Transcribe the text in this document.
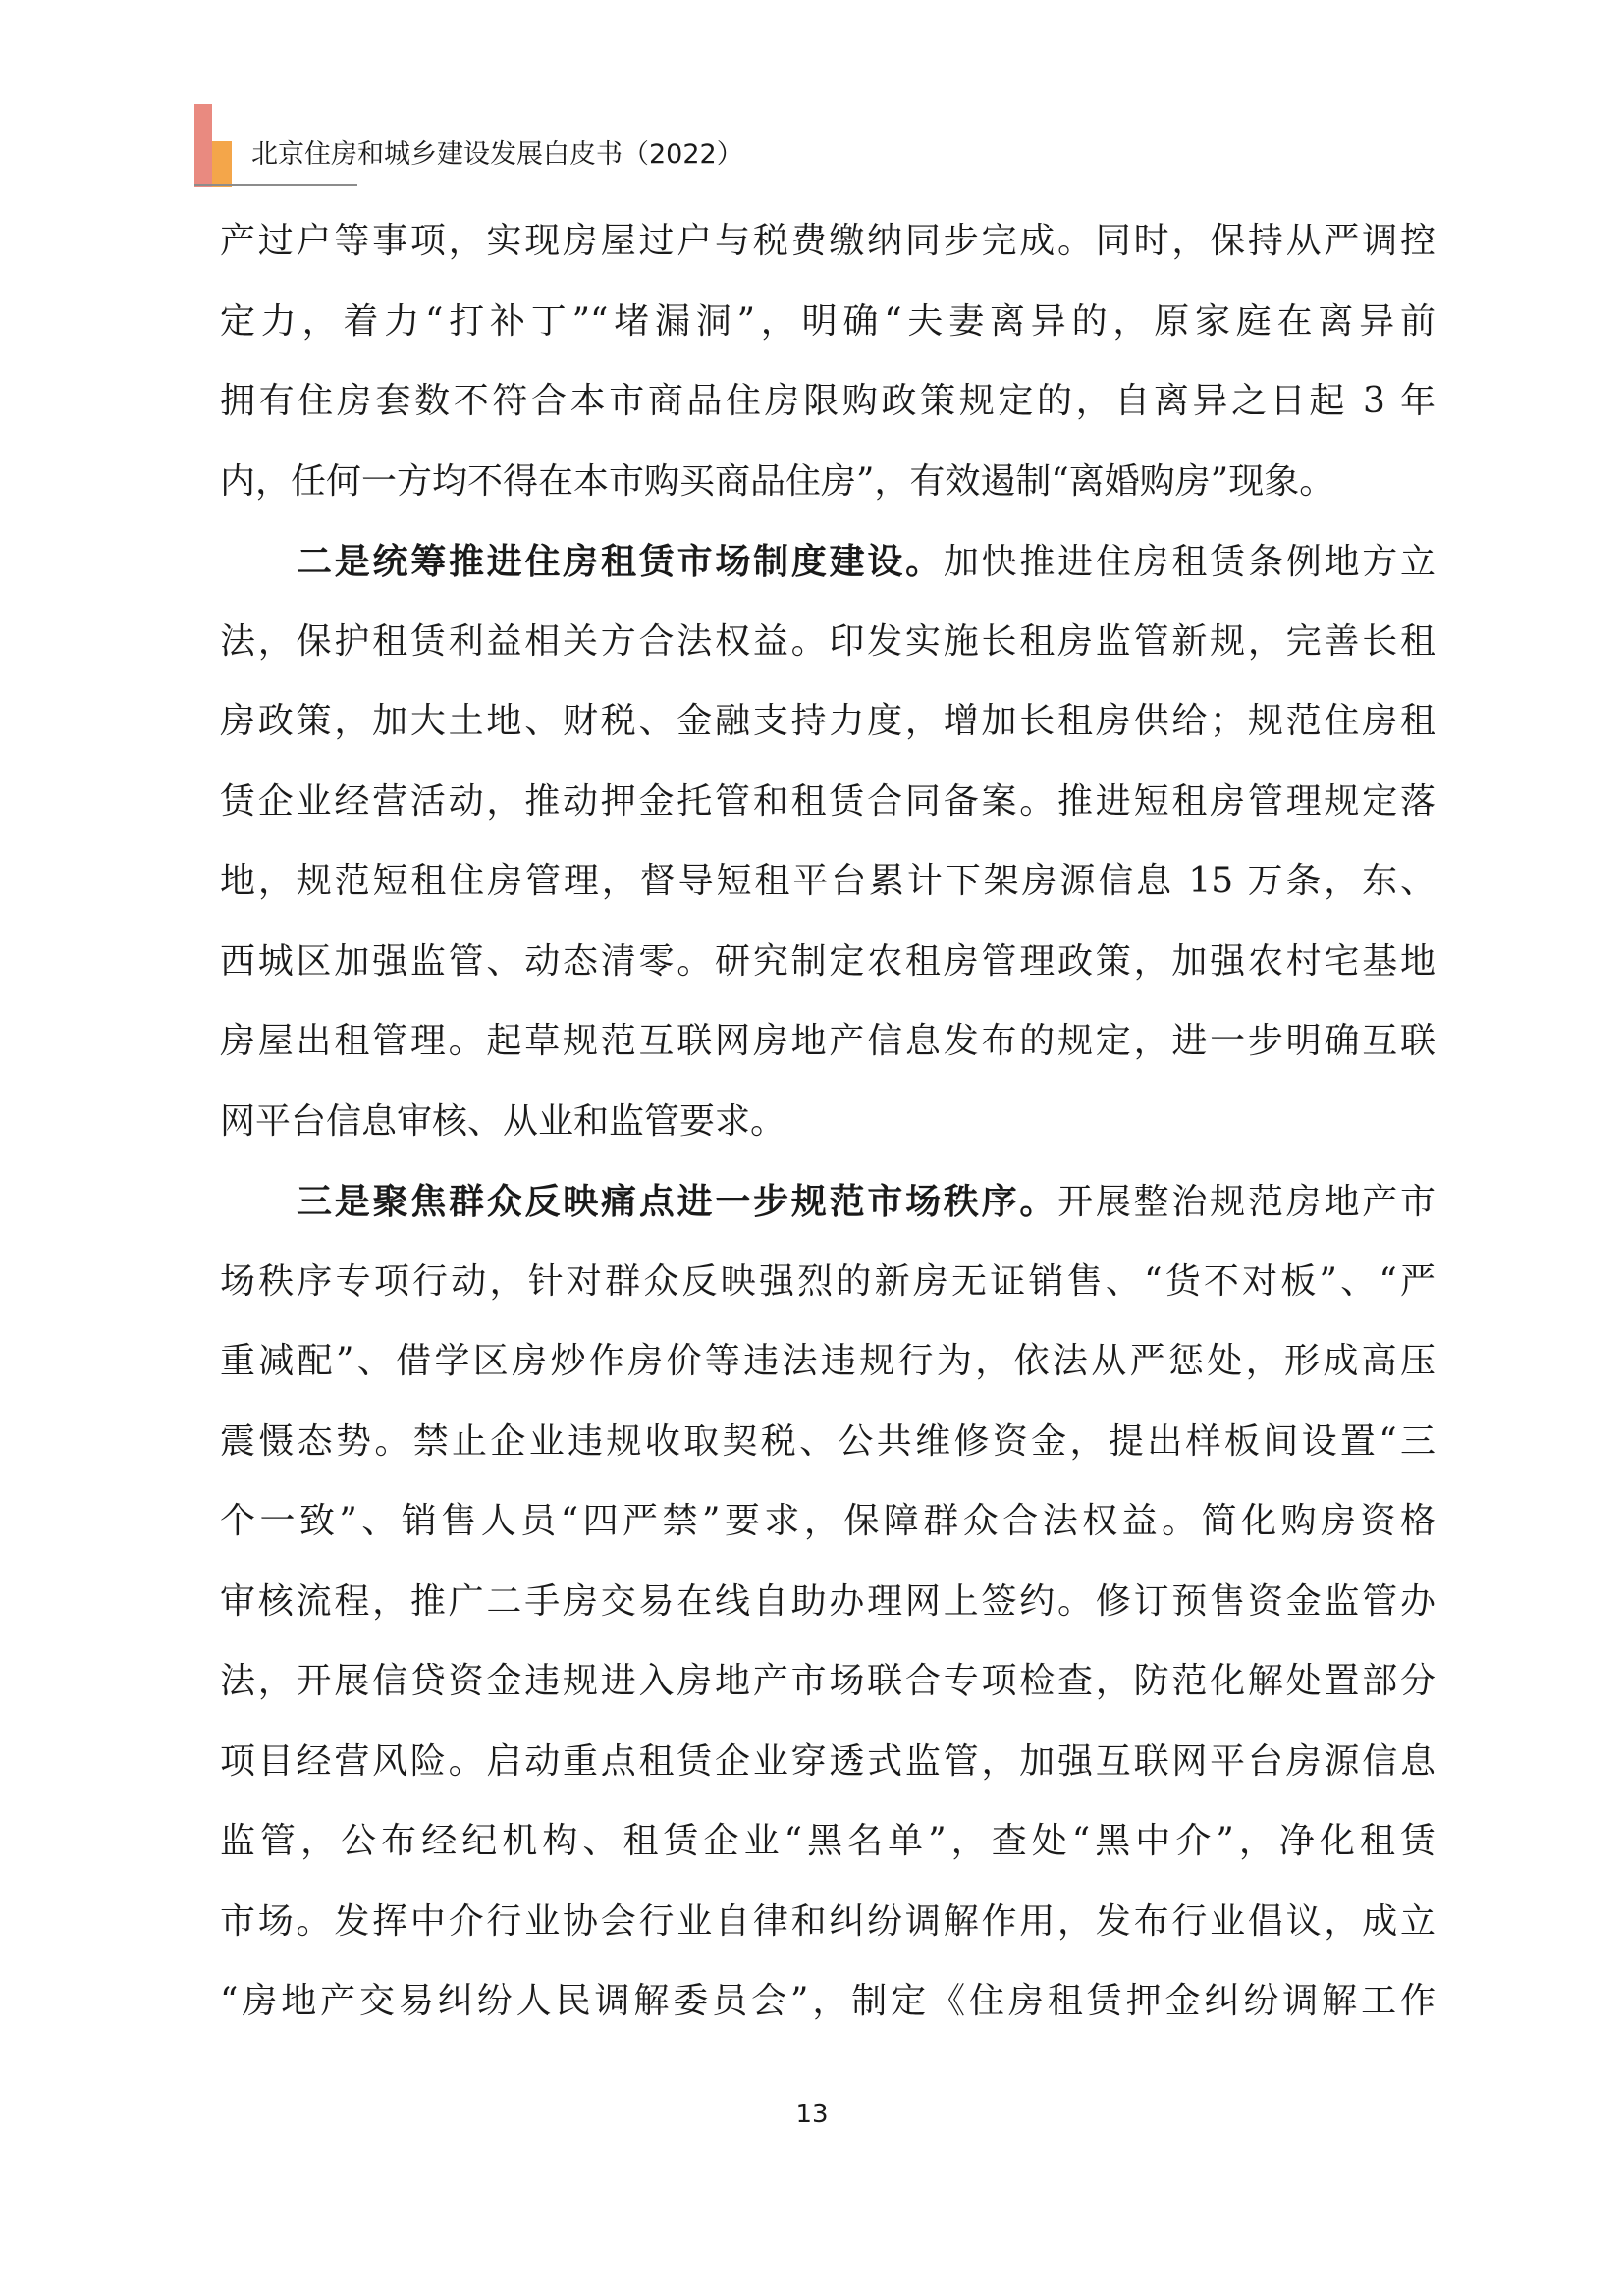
北京住房和城乡建设发展白皮书（2022）
产过户等事项，实现房屋过户与税费缴纳同步完成。同时，保持从严调控
定力，着力“打补丁”“堵漏洞”，明确“夫妻离异的，原家庭在离异前
拥有住房套数不符合本市商品住房限购政策规定的，自离异之日起 3 年
内，任何一方均不得在本市购买商品住房”，有效遏制“离婚购房”现象。
二是统筹推进住房租赁市场制度建设。加快推进住房租赁条例地方立
法，保护租赁利益相关方合法权益。印发实施长租房监管新规，完善长租
房政策，加大土地、财税、金融支持力度，增加长租房供给；规范住房租
赁企业经营活动，推动押金托管和租赁合同备案。推进短租房管理规定落
地，规范短租住房管理，督导短租平台累计下架房源信息 15 万条，东、
西城区加强监管、动态清零。研究制定农租房管理政策，加强农村宅基地
房屋出租管理。起草规范互联网房地产信息发布的规定，进一步明确互联
网平台信息审核、从业和监管要求。
三是聚焦群众反映痛点进一步规范市场秩序。开展整治规范房地产市
场秩序专项行动，针对群众反映强烈的新房无证销售、“货不对板”、“严
重减配”、借学区房炒作房价等违法违规行为，依法从严惩处，形成高压
震慑态势。禁止企业违规收取契税、公共维修资金，提出样板间设置“三
个一致”、销售人员“四严禁”要求，保障群众合法权益。简化购房资格
审核流程，推广二手房交易在线自助办理网上签约。修订预售资金监管办
法，开展信贷资金违规进入房地产市场联合专项检查，防范化解处置部分
项目经营风险。启动重点租赁企业穿透式监管，加强互联网平台房源信息
监管，公布经纪机构、租赁企业“黑名单”，查处“黑中介”，净化租赁
市场。发挥中介行业协会行业自律和纠纷调解作用，发布行业倡议，成立
“房地产交易纠纷人民调解委员会”，制定《住房租赁押金纠纷调解工作
13
